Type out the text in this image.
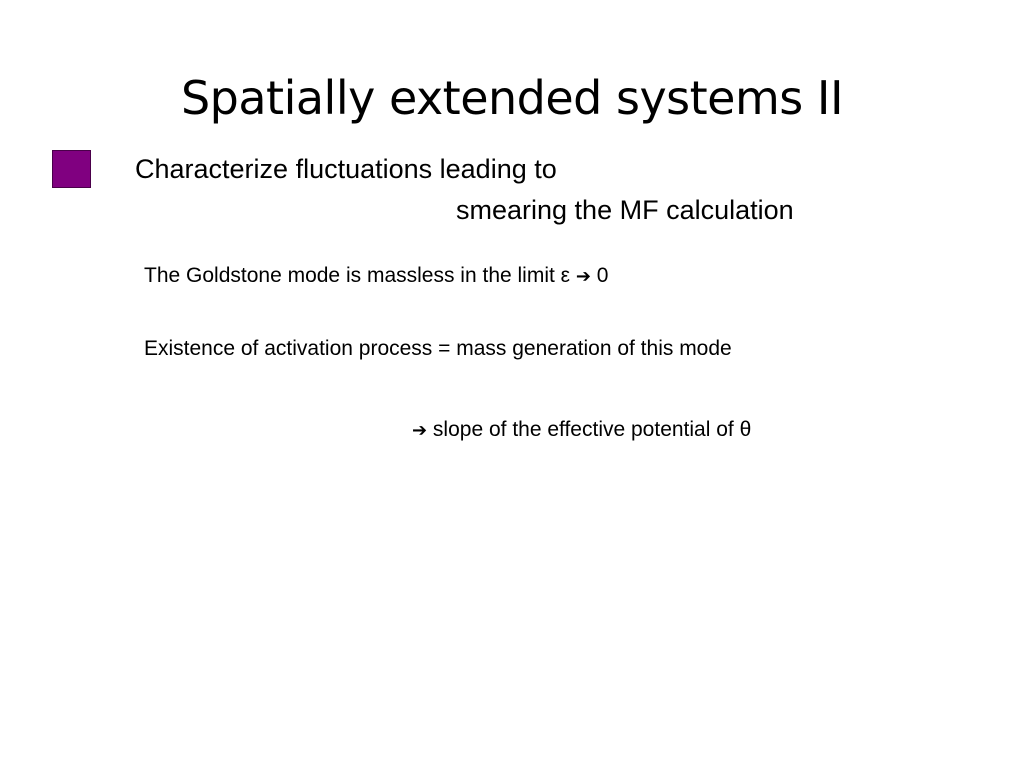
Spatially extended systems II
Characterize fluctuations leading to
smearing the MF calculation
The Goldstone mode is massless in the limit ε ➔ 0
Existence of activation process = mass generation of this mode
➔ slope of the effective potential of θ
